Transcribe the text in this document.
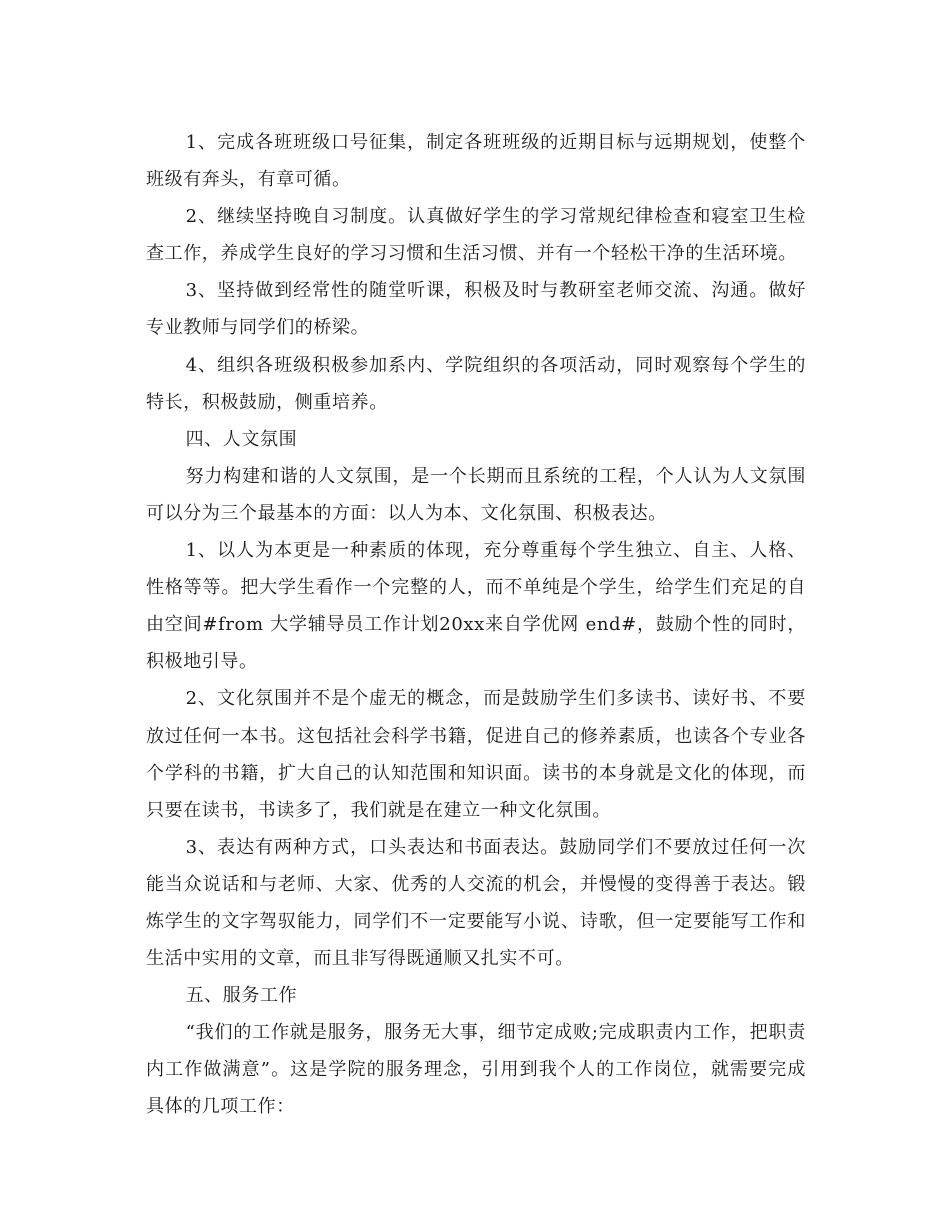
1、完成各班班级口号征集，制定各班班级的近期目标与远期规划，使整个班级有奔头，有章可循。

2、继续坚持晚自习制度。认真做好学生的学习常规纪律检查和寝室卫生检查工作，养成学生良好的学习习惯和生活习惯、并有一个轻松干净的生活环境。

3、坚持做到经常性的随堂听课，积极及时与教研室老师交流、沟通。做好专业教师与同学们的桥梁。

4、组织各班级积极参加系内、学院组织的各项活动，同时观察每个学生的特长，积极鼓励，侧重培养。

四、人文氛围

努力构建和谐的人文氛围，是一个长期而且系统的工程，个人认为人文氛围可以分为三个最基本的方面：以人为本、文化氛围、积极表达。

1、以人为本更是一种素质的体现，充分尊重每个学生独立、自主、人格、性格等等。把大学生看作一个完整的人，而不单纯是个学生，给学生们充足的自由空间#from 大学辅导员工作计划20xx来自学优网 end#，鼓励个性的同时，积极地引导。

2、文化氛围并不是个虚无的概念，而是鼓励学生们多读书、读好书、不要放过任何一本书。这包括社会科学书籍，促进自己的修养素质，也读各个专业各个学科的书籍，扩大自己的认知范围和知识面。读书的本身就是文化的体现，而只要在读书，书读多了，我们就是在建立一种文化氛围。

3、表达有两种方式，口头表达和书面表达。鼓励同学们不要放过任何一次能当众说话和与老师、大家、优秀的人交流的机会，并慢慢的变得善于表达。锻炼学生的文字驾驭能力，同学们不一定要能写小说、诗歌，但一定要能写工作和生活中实用的文章，而且非写得既通顺又扎实不可。

五、服务工作

“我们的工作就是服务，服务无大事，细节定成败;完成职责内工作，把职责内工作做满意”。这是学院的服务理念，引用到我个人的工作岗位，就需要完成具体的几项工作：
